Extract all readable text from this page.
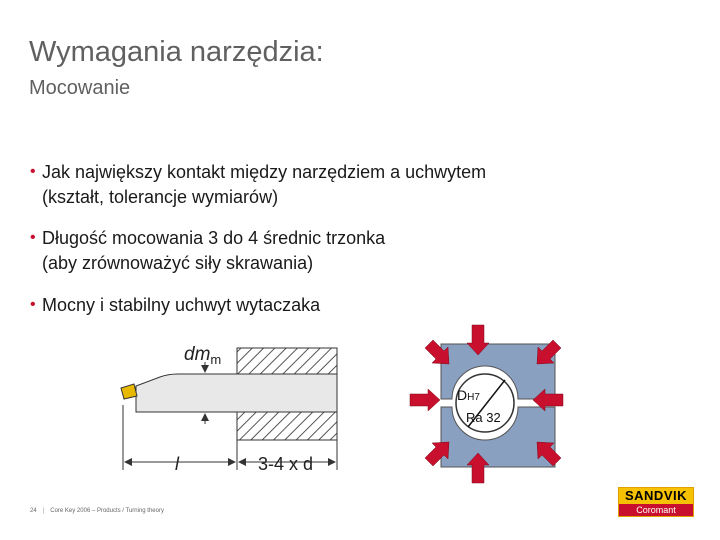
Wymagania narzędzia:
Mocowanie
• Jak największy kontakt między narzędziem a uchwytem
(kształt, tolerancje wymiarów)
• Długość mocowania 3 do 4 średnic trzonka
(aby zrównoważyć siły skrawania)
• Mocny i stabilny uchwyt wytaczaka
$dm_m$
l	3-4 x d
DH7
Ra 32
24 | Core Key 2006 – Products / Turning theory
SANDVIK
Coromant
